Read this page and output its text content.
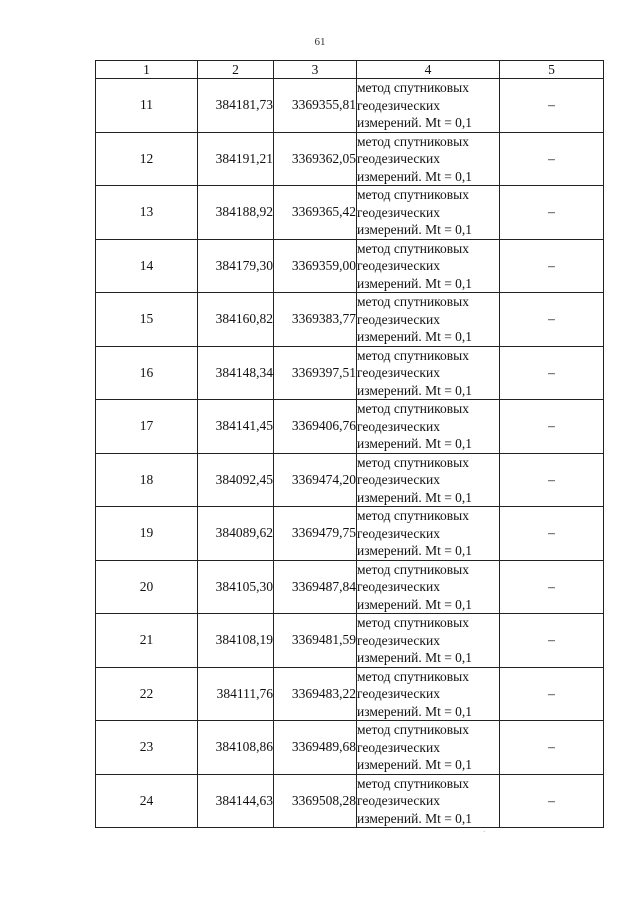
61
1	2	3	4	5
11	384181,73	3369355,81	метод спутниковых
геодезических
измерений. Mt = 0,1	–
12	384191,21	3369362,05	метод спутниковых
геодезических
измерений. Mt = 0,1	–
13	384188,92	3369365,42	метод спутниковых
геодезических
измерений. Mt = 0,1	–
14	384179,30	3369359,00	метод спутниковых
геодезических
измерений. Mt = 0,1	–
15	384160,82	3369383,77	метод спутниковых
геодезических
измерений. Mt = 0,1	–
16	384148,34	3369397,51	метод спутниковых
геодезических
измерений. Mt = 0,1	–
17	384141,45	3369406,76	метод спутниковых
геодезических
измерений. Mt = 0,1	–
18	384092,45	3369474,20	метод спутниковых
геодезических
измерений. Mt = 0,1	–
19	384089,62	3369479,75	метод спутниковых
геодезических
измерений. Mt = 0,1	–
20	384105,30	3369487,84	метод спутниковых
геодезических
измерений. Mt = 0,1	–
21	384108,19	3369481,59	метод спутниковых
геодезических
измерений. Mt = 0,1	–
22	384111,76	3369483,22	метод спутниковых
геодезических
измерений. Mt = 0,1	–
23	384108,86	3369489,68	метод спутниковых
геодезических
измерений. Mt = 0,1	–
24	384144,63	3369508,28	метод спутниковых
геодезических
измерений. Mt = 0,1	–
·
